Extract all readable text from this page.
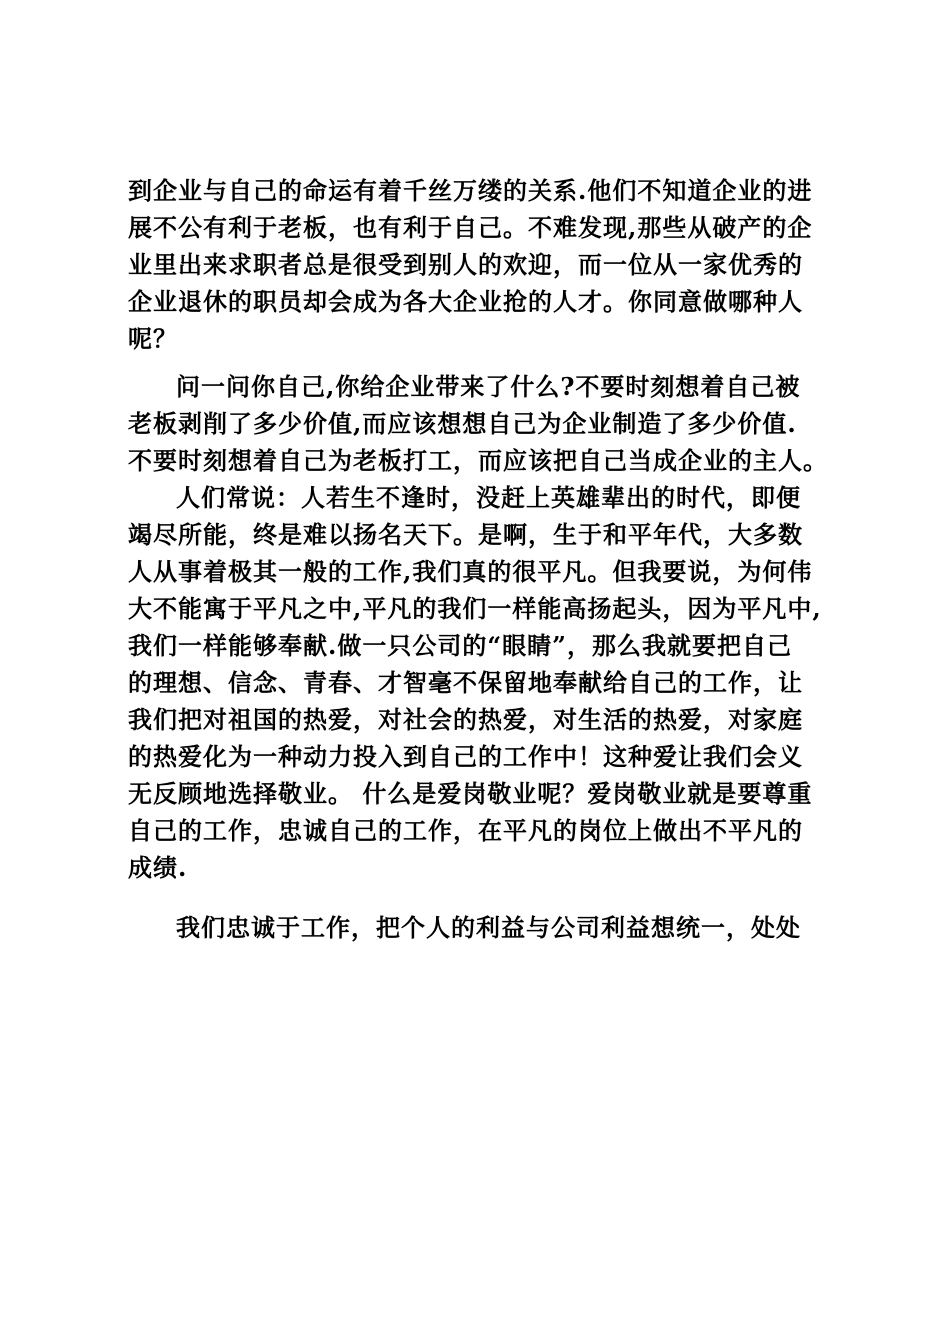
到企业与自己的命运有着千丝万缕的关系.他们不知道企业的进
展不公有利于老板，也有利于自己。不难发现,那些从破产的企
业里出来求职者总是很受到别人的欢迎，而一位从一家优秀的
企业退休的职员却会成为各大企业抢的人才。你同意做哪种人
呢？
问一问你自己,你给企业带来了什么?不要时刻想着自己被
老板剥削了多少价值,而应该想想自己为企业制造了多少价值.
不要时刻想着自己为老板打工，而应该把自己当成企业的主人。
人们常说：人若生不逢时，没赶上英雄辈出的时代，即便
竭尽所能，终是难以扬名天下。是啊，生于和平年代，大多数
人从事着极其一般的工作,我们真的很平凡。但我要说，为何伟
大不能寓于平凡之中,平凡的我们一样能高扬起头，因为平凡中,
我们一样能够奉献.做一只公司的“眼睛”，那么我就要把自己
的理想、信念、青春、才智毫不保留地奉献给自己的工作，让
我们把对祖国的热爱，对社会的热爱，对生活的热爱，对家庭
的热爱化为一种动力投入到自己的工作中！这种爱让我们会义
无反顾地选择敬业。 什么是爱岗敬业呢？爱岗敬业就是要尊重
自己的工作，忠诚自己的工作，在平凡的岗位上做出不平凡的
成绩.
我们忠诚于工作，把个人的利益与公司利益想统一，处处
